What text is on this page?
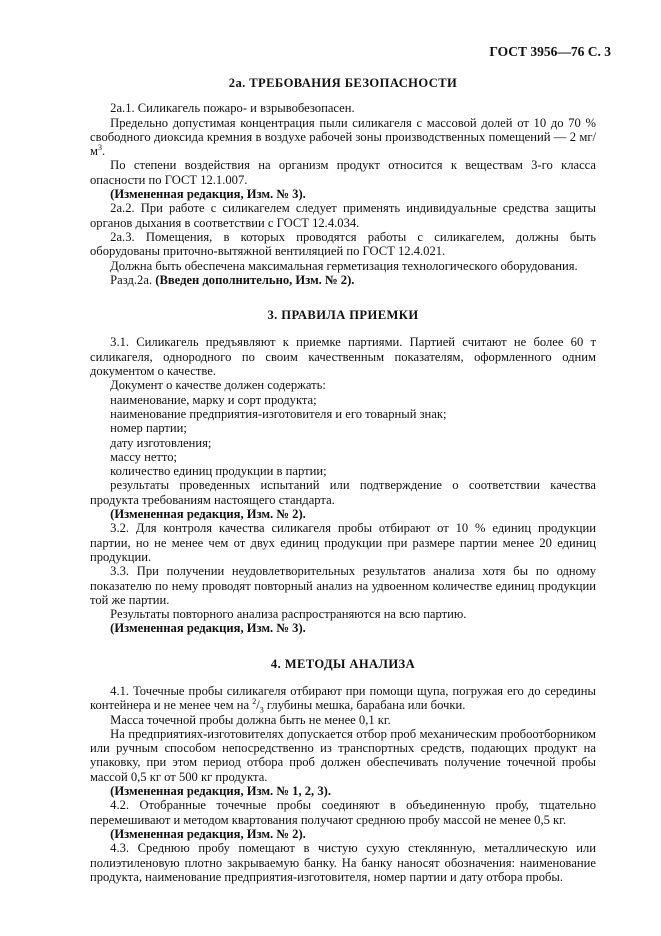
ГОСТ 3956—76 С. 3
2а. ТРЕБОВАНИЯ БЕЗОПАСНОСТИ

2а.1. Силикагель пожаро- и взрывобезопасен.

Предельно допустимая концентрация пыли силикагеля с массовой долей от 10 до 70 % свободного диоксида кремния в воздухе рабочей зоны производственных помещений — 2 $мг/м^3$.

По степени воздействия на организм продукт относится к веществам 3-го класса опасности по ГОСТ 12.1.007.

(Измененная редакция, Изм. № 3).

2а.2. При работе с силикагелем следует применять индивидуальные средства защиты органов дыхания в соответствии с ГОСТ 12.4.034.

2а.3. Помещения, в которых проводятся работы с силикагелем, должны быть оборудованы приточно-вытяжной вентиляцией по ГОСТ 12.4.021.

Должна быть обеспечена максимальная герметизация технологического оборудования.

Разд.2а. (Введен дополнительно, Изм. № 2).

3. ПРАВИЛА ПРИЕМКИ

3.1. Силикагель предъявляют к приемке партиями. Партией считают не более 60 т силикагеля, однородного по своим качественным показателям, оформленного одним документом о качестве.

Документ о качестве должен содержать:

наименование, марку и сорт продукта;

наименование предприятия-изготовителя и его товарный знак;

номер партии;

дату изготовления;

массу нетто;

количество единиц продукции в партии;

результаты проведенных испытаний или подтверждение о соответствии качества продукта требованиям настоящего стандарта.

(Измененная редакция, Изм. № 2).

3.2. Для контроля качества силикагеля пробы отбирают от 10 % единиц продукции партии, но не менее чем от двух единиц продукции при размере партии менее 20 единиц продукции.

3.3. При получении неудовлетворительных результатов анализа хотя бы по одному показателю по нему проводят повторный анализ на удвоенном количестве единиц продукции той же партии.

Результаты повторного анализа распространяются на всю партию.

(Измененная редакция, Изм. № 3).

4. МЕТОДЫ АНАЛИЗА

4.1. Точечные пробы силикагеля отбирают при помощи щупа, погружая его до середины контейнера и не менее чем на $^2/_3$ глубины мешка, барабана или бочки.

Масса точечной пробы должна быть не менее 0,1 кг.

На предприятиях-изготовителях допускается отбор проб механическим пробоотборником или ручным способом непосредственно из транспортных средств, подающих продукт на упаковку, при этом период отбора проб должен обеспечивать получение точечной пробы массой 0,5 кг от 500 кг продукта.

(Измененная редакция, Изм. № 1, 2, 3).

4.2. Отобранные точечные пробы соединяют в объединенную пробу, тщательно перемешивают и методом квартования получают среднюю пробу массой не менее 0,5 кг.

(Измененная редакция, Изм. № 2).

4.3. Среднюю пробу помещают в чистую сухую стеклянную, металлическую или полиэтиленовую плотно закрываемую банку. На банку наносят обозначения: наименование продукта, наименование предприятия-изготовителя, номер партии и дату отбора пробы.
